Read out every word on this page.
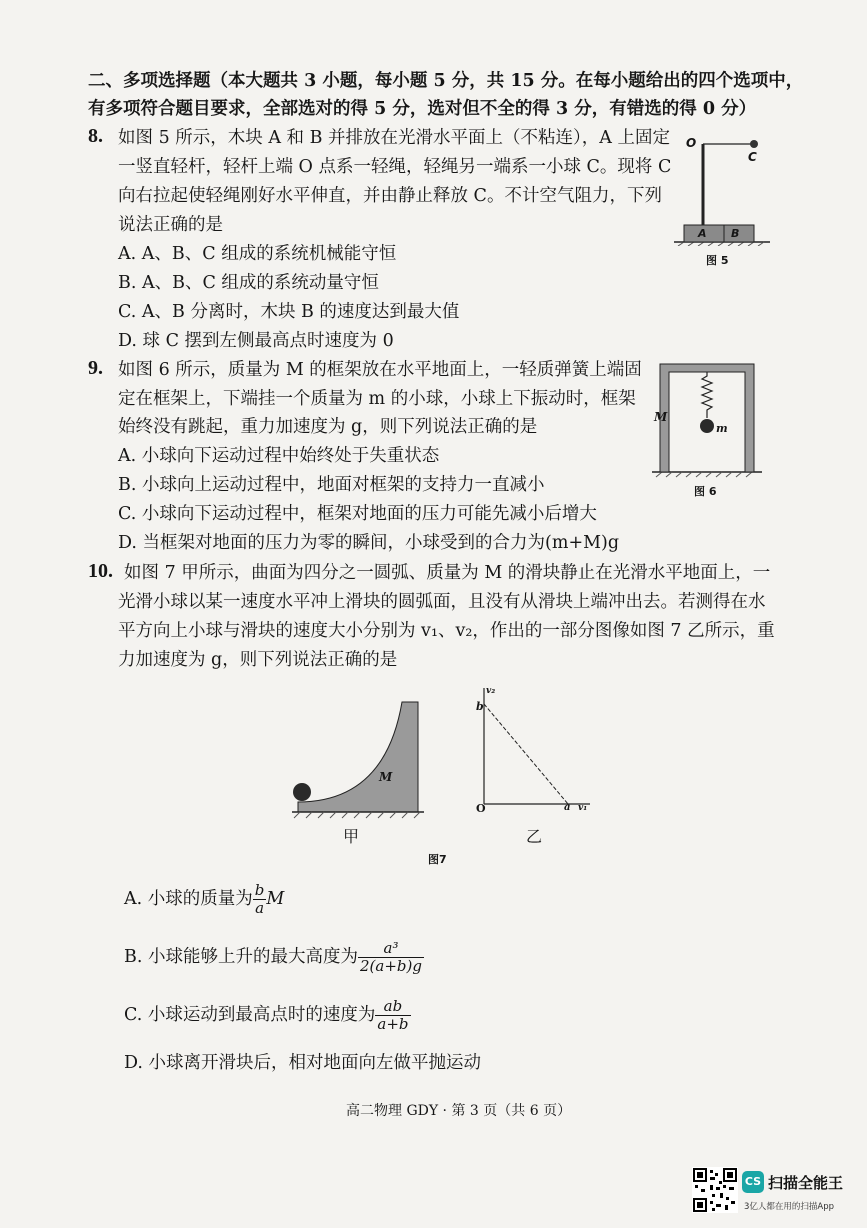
二、多项选择题（本大题共 3 小题，每小题 5 分，共 15 分。在每小题给出的四个选项中，
有多项符合题目要求，全部选对的得 5 分，选对但不全的得 3 分，有错选的得 0 分）
8. 如图 5 所示，木块 A 和 B 并排放在光滑水平面上（不粘连），A 上固定
一竖直轻杆，轻杆上端 O 点系一轻绳，轻绳另一端系一小球 C。现将 C
向右拉起使轻绳刚好水平伸直，并由静止释放 C。不计空气阻力，下列
说法正确的是
A. A、B、C 组成的系统机械能守恒
B. A、B、C 组成的系统动量守恒
C. A、B 分离时，木块 B 的速度达到最大值
D. 球 C 摆到左侧最高点时速度为 0
O
C
A B
图 5
9. 如图 6 所示，质量为 M 的框架放在水平地面上，一轻质弹簧上端固
定在框架上，下端挂一个质量为 m 的小球，小球上下振动时，框架
始终没有跳起，重力加速度为 g，则下列说法正确的是
A. 小球向下运动过程中始终处于失重状态
B. 小球向上运动过程中，地面对框架的支持力一直减小
C. 小球向下运动过程中，框架对地面的压力可能先减小后增大
D. 当框架对地面的压力为零的瞬间，小球受到的合力为(m+M)g
M
m
图 6
10. 如图 7 甲所示，曲面为四分之一圆弧、质量为 M 的滑块静止在光滑水平地面上，一
光滑小球以某一速度水平冲上滑块的圆弧面，且没有从滑块上端冲出去。若测得在水
平方向上小球与滑块的速度大小分别为 v₁、v₂，作出的一部分图像如图 7 乙所示，重
力加速度为 g，则下列说法正确的是
M
甲
v₂
b
O	a v₁
乙
图7
A. 小球的质量为 $\frac{b}{a}$ M
B. 小球能够上升的最大高度为 $\frac{\text{a³}}{2(a+b)g}$
C. 小球运动到最高点时的速度为 $\frac{ab}{a+b}$
D. 小球离开滑块后，相对地面向左做平抛运动
高二物理 GDY · 第 3 页（共 6 页）
CS 扫描全能王
3亿人都在用的扫描App
